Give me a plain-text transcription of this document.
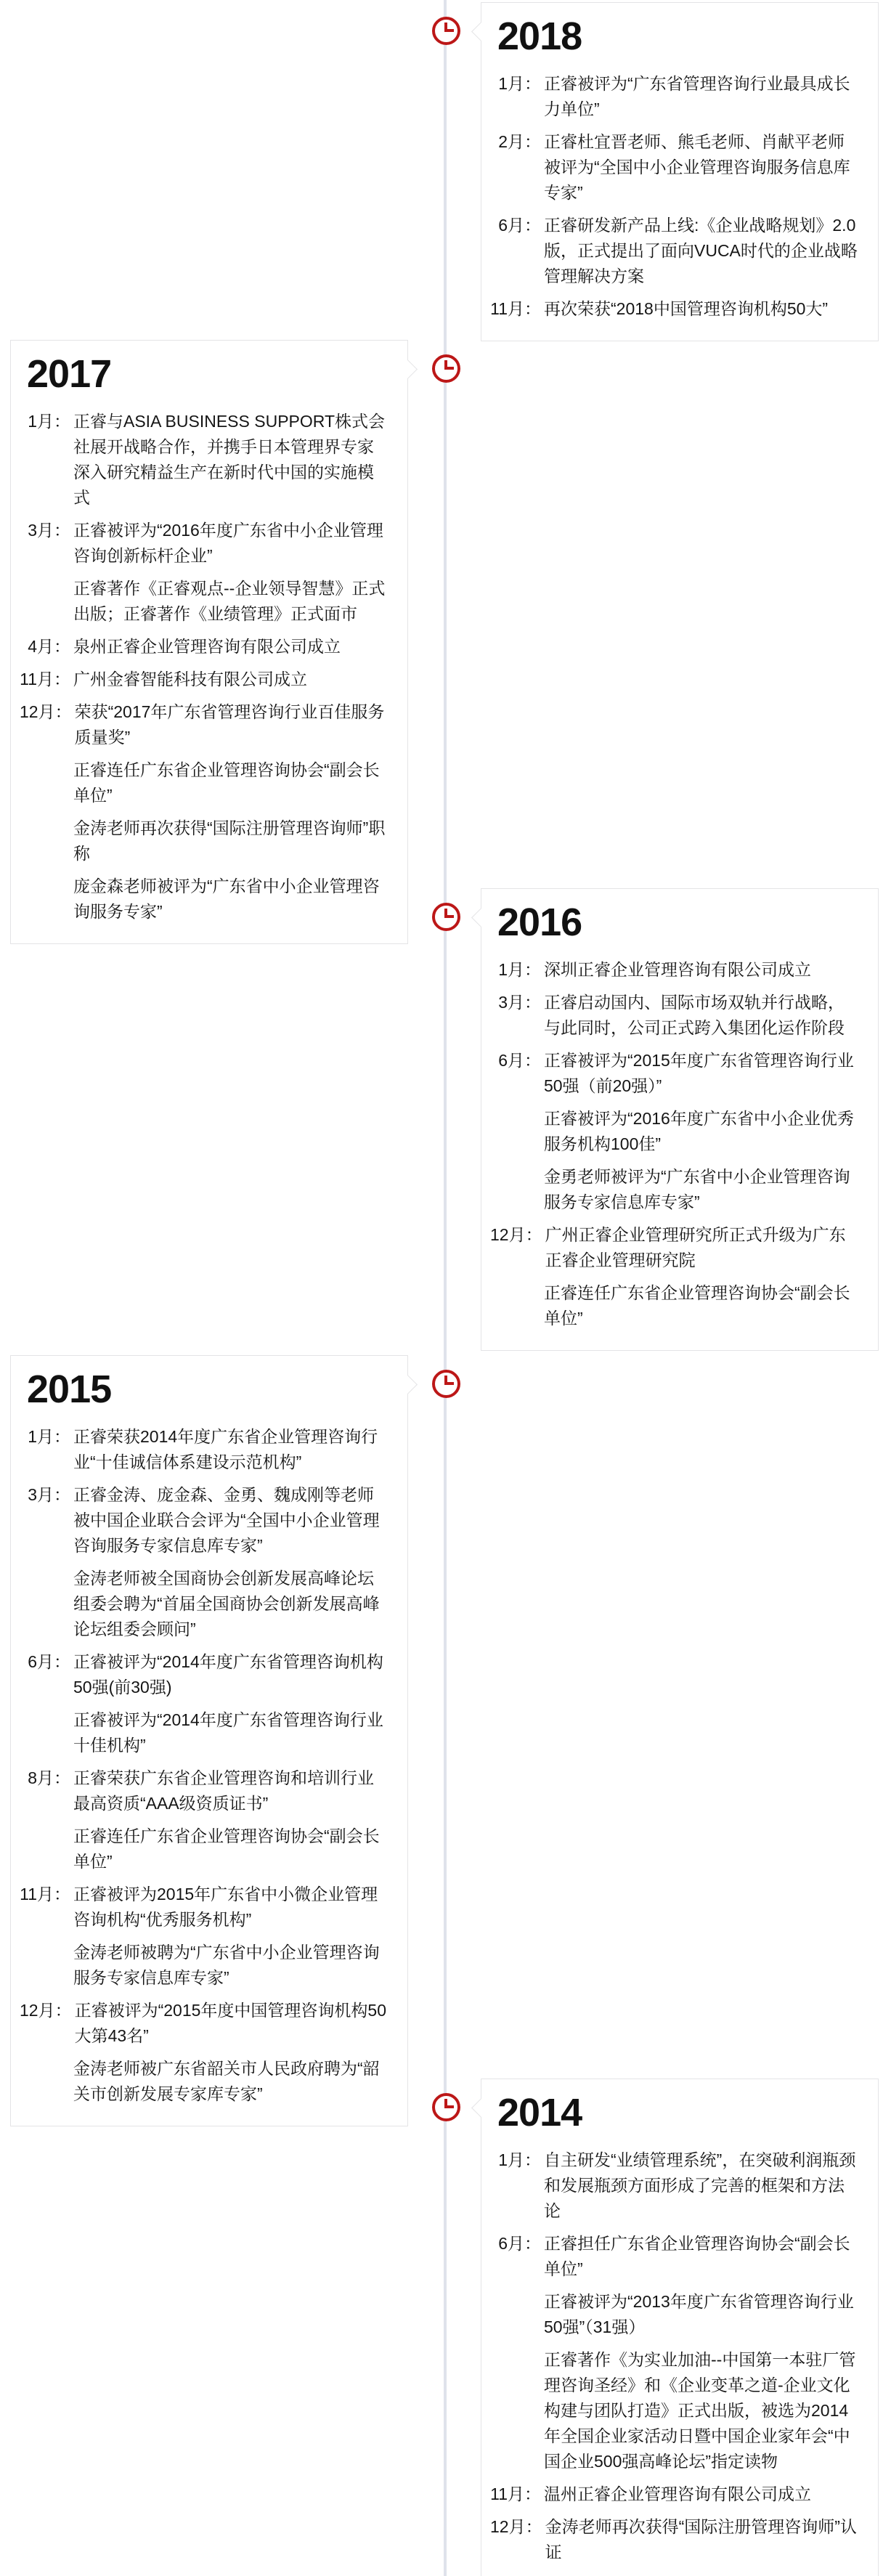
2018
1月： 正睿被评为“广东省管理咨询行业最具成长力单位”
2月： 正睿杜宜晋老师、熊毛老师、肖献平老师被评为“全国中小企业管理咨询服务信息库专家”
6月： 正睿研发新产品上线:《企业战略规划》2.0版，正式提出了面向VUCA时代的企业战略管理解决方案
11月： 再次荣获“2018中国管理咨询机构50大”
2017
1月： 正睿与ASIA BUSINESS SUPPORT株式会社展开战略合作，并携手日本管理界专家深入研究精益生产在新时代中国的实施模式
3月： 正睿被评为“2016年度广东省中小企业管理咨询创新标杆企业”
正睿著作《正睿观点--企业领导智慧》正式出版；正睿著作《业绩管理》正式面市
4月： 泉州正睿企业管理咨询有限公司成立
11月： 广州金睿智能科技有限公司成立
12月： 荣获“2017年广东省管理咨询行业百佳服务质量奖”
正睿连任广东省企业管理咨询协会“副会长单位”
金涛老师再次获得“国际注册管理咨询师”职称
庞金森老师被评为“广东省中小企业管理咨询服务专家”	2016
1月： 深圳正睿企业管理咨询有限公司成立
3月： 正睿启动国内、国际市场双轨并行战略，与此同时，公司正式跨入集团化运作阶段
6月： 正睿被评为“2015年度广东省管理咨询行业50强（前20强）”
正睿被评为“2016年度广东省中小企业优秀服务机构100佳”
金勇老师被评为“广东省中小企业管理咨询服务专家信息库专家”
12月： 广州正睿企业管理研究所正式升级为广东正睿企业管理研究院
正睿连任广东省企业管理咨询协会“副会长单位”
2015
1月： 正睿荣获2014年度广东省企业管理咨询行业“十佳诚信体系建设示范机构”
3月： 正睿金涛、庞金森、金勇、魏成刚等老师被中国企业联合会评为“全国中小企业管理咨询服务专家信息库专家”
金涛老师被全国商协会创新发展高峰论坛组委会聘为“首届全国商协会创新发展高峰论坛组委会顾问”
6月： 正睿被评为“2014年度广东省管理咨询机构50强(前30强)
正睿被评为“2014年度广东省管理咨询行业十佳机构”
8月： 正睿荣获广东省企业管理咨询和培训行业最高资质“AAA级资质证书”
正睿连任广东省企业管理咨询协会“副会长单位”
11月： 正睿被评为2015年广东省中小微企业管理咨询机构“优秀服务机构”
金涛老师被聘为“广东省中小企业管理咨询服务专家信息库专家”
12月： 正睿被评为“2015年度中国管理咨询机构50大第43名”
金涛老师被广东省韶关市人民政府聘为“韶关市创新发展专家库专家”	2014
1月： 自主研发“业绩管理系统”，在突破利润瓶颈和发展瓶颈方面形成了完善的框架和方法论
6月： 正睿担任广东省企业管理咨询协会“副会长单位”
正睿被评为“2013年度广东省管理咨询行业50强”（31强）
正睿著作《为实业加油--中国第一本驻厂管理咨询圣经》和《企业变革之道-企业文化构建与团队打造》正式出版，被选为2014年全国企业家活动日暨中国企业家年会“中国企业500强高峰论坛”指定读物
11月： 温州正睿企业管理咨询有限公司成立
12月： 金涛老师再次获得“国际注册管理咨询师”认证
